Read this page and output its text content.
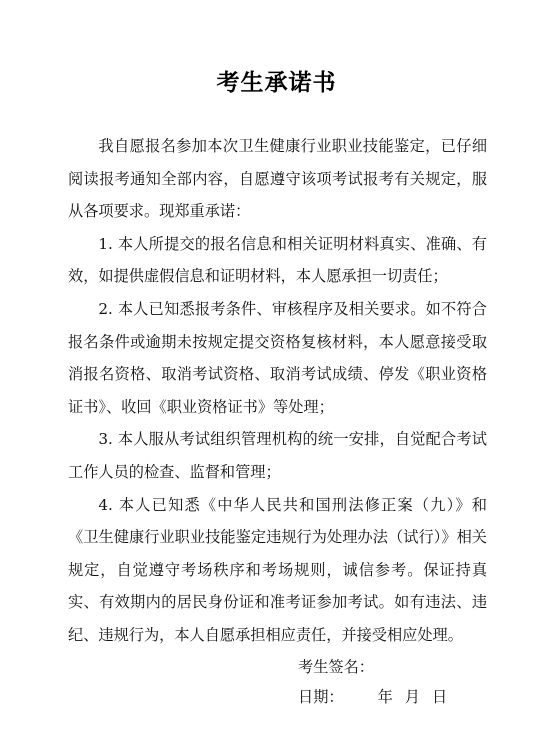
考生承诺书

我自愿报名参加本次卫生健康行业职业技能鉴定，已仔细阅读报考通知全部内容，自愿遵守该项考试报考有关规定，服从各项要求。现郑重承诺：

1. 本人所提交的报名信息和相关证明材料真实、准确、有效，如提供虚假信息和证明材料，本人愿承担一切责任；

2. 本人已知悉报考条件、审核程序及相关要求。如不符合报名条件或逾期未按规定提交资格复核材料，本人愿意接受取消报名资格、取消考试资格、取消考试成绩、停发《职业资格证书》、收回《职业资格证书》等处理；

3. 本人服从考试组织管理机构的统一安排，自觉配合考试工作人员的检查、监督和管理；

4. 本人已知悉《中华人民共和国刑法修正案（九）》和《卫生健康行业职业技能鉴定违规行为处理办法（试行）》相关规定，自觉遵守考场秩序和考场规则，诚信参考。保证持真实、有效期内的居民身份证和准考证参加考试。如有违法、违纪、违规行为，本人自愿承担相应责任，并接受相应处理。

考生签名：
日期： 年 月 日
